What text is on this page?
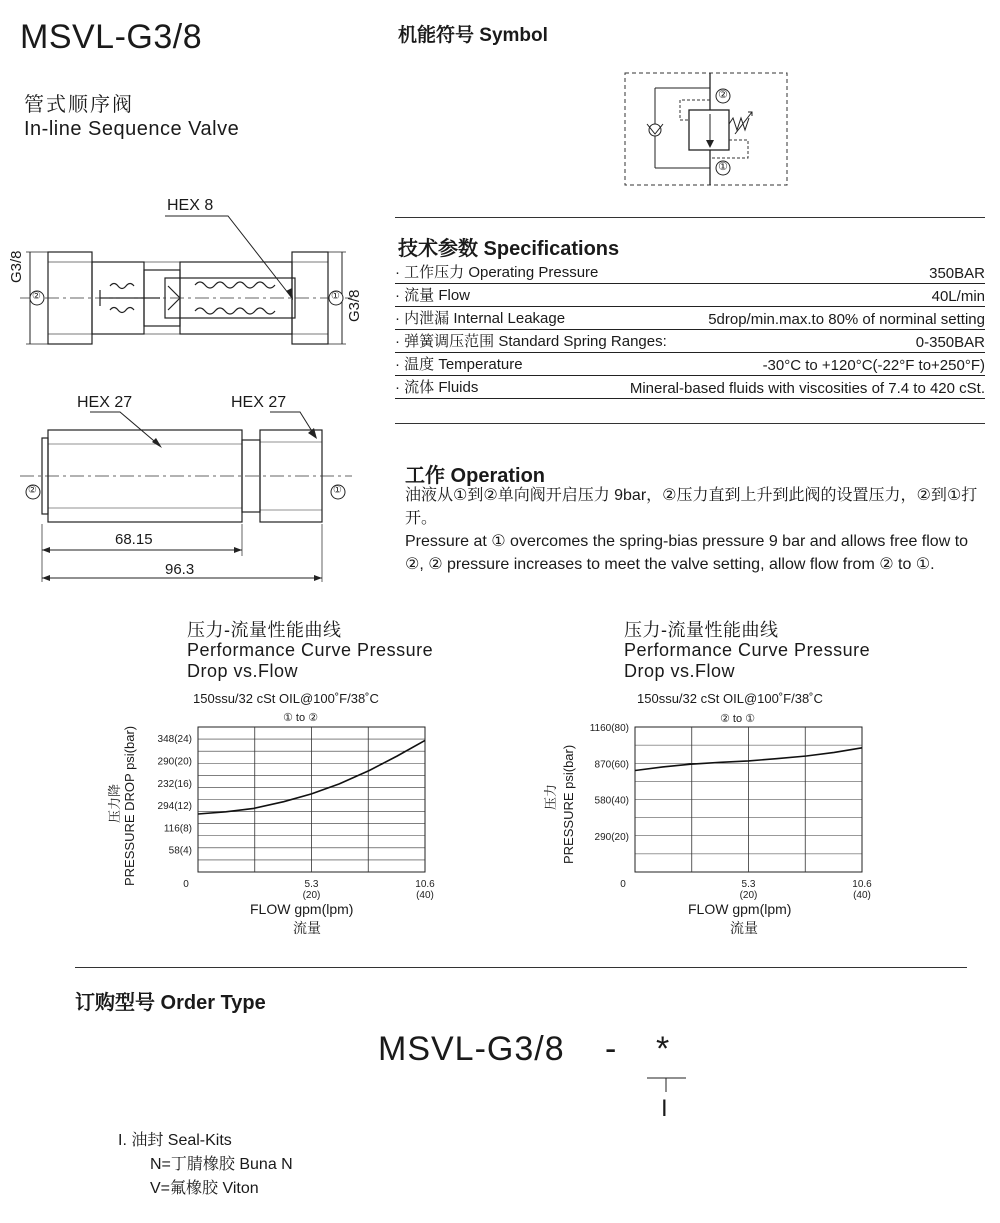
MSVL-G3/8
管式顺序阀
In-line Sequence Valve
机能符号 Symbol
②
①
HEX 8
G3/8
G3/8
②	①
HEX 27	HEX 27
②	①
68.15
96.3
技术参数 Specifications
· 工作压力 Operating Pressure	350BAR
· 流量 Flow	40L/min
· 内泄漏 Internal Leakage	5drop/min.max.to 80% of norminal setting
· 弹簧调压范围 Standard Spring Ranges:	0-350BAR
· 温度 Temperature	-30°C to +120°C(-22°F to+250°F)
· 流体 Fluids	Mineral-based fluids with viscosities of 7.4 to 420 cSt.
工作 Operation

油液从①到②单向阀开启压力 9bar，②压力直到上升到此阀的设置压力，②到①打开。

Pressure at ① overcomes the spring-bias pressure 9 bar and allows free flow to ②, ② pressure increases to meet the valve setting, allow flow from ② to ①.

压力-流量性能曲线
Performance Curve Pressure
Drop vs.Flow
150ssu/32 cSt OIL@100˚F/38˚C
① to ②
压力降 PRESSURE DROP psi(bar)
FLOW gpm(lpm)
流量
压力-流量性能曲线
Performance Curve Pressure
Drop vs.Flow
150ssu/32 cSt OIL@100˚F/38˚C
② to ①
压力 PRESSURE psi(bar)
FLOW gpm(lpm)
流量
58(4)
116(8)
294(12)
232(16)
290(20)
348(24)
0	5.3
(20)
10.6
(40)
290(20)
580(40)
870(60)
1160(80)
0	5.3
(20)
10.6
(40)
订购型号 Order Type
MSVL-G3/8 - *
I
I. 油封 Seal-Kits
N=丁腈橡胶 Buna N
V=氟橡胶 Viton
